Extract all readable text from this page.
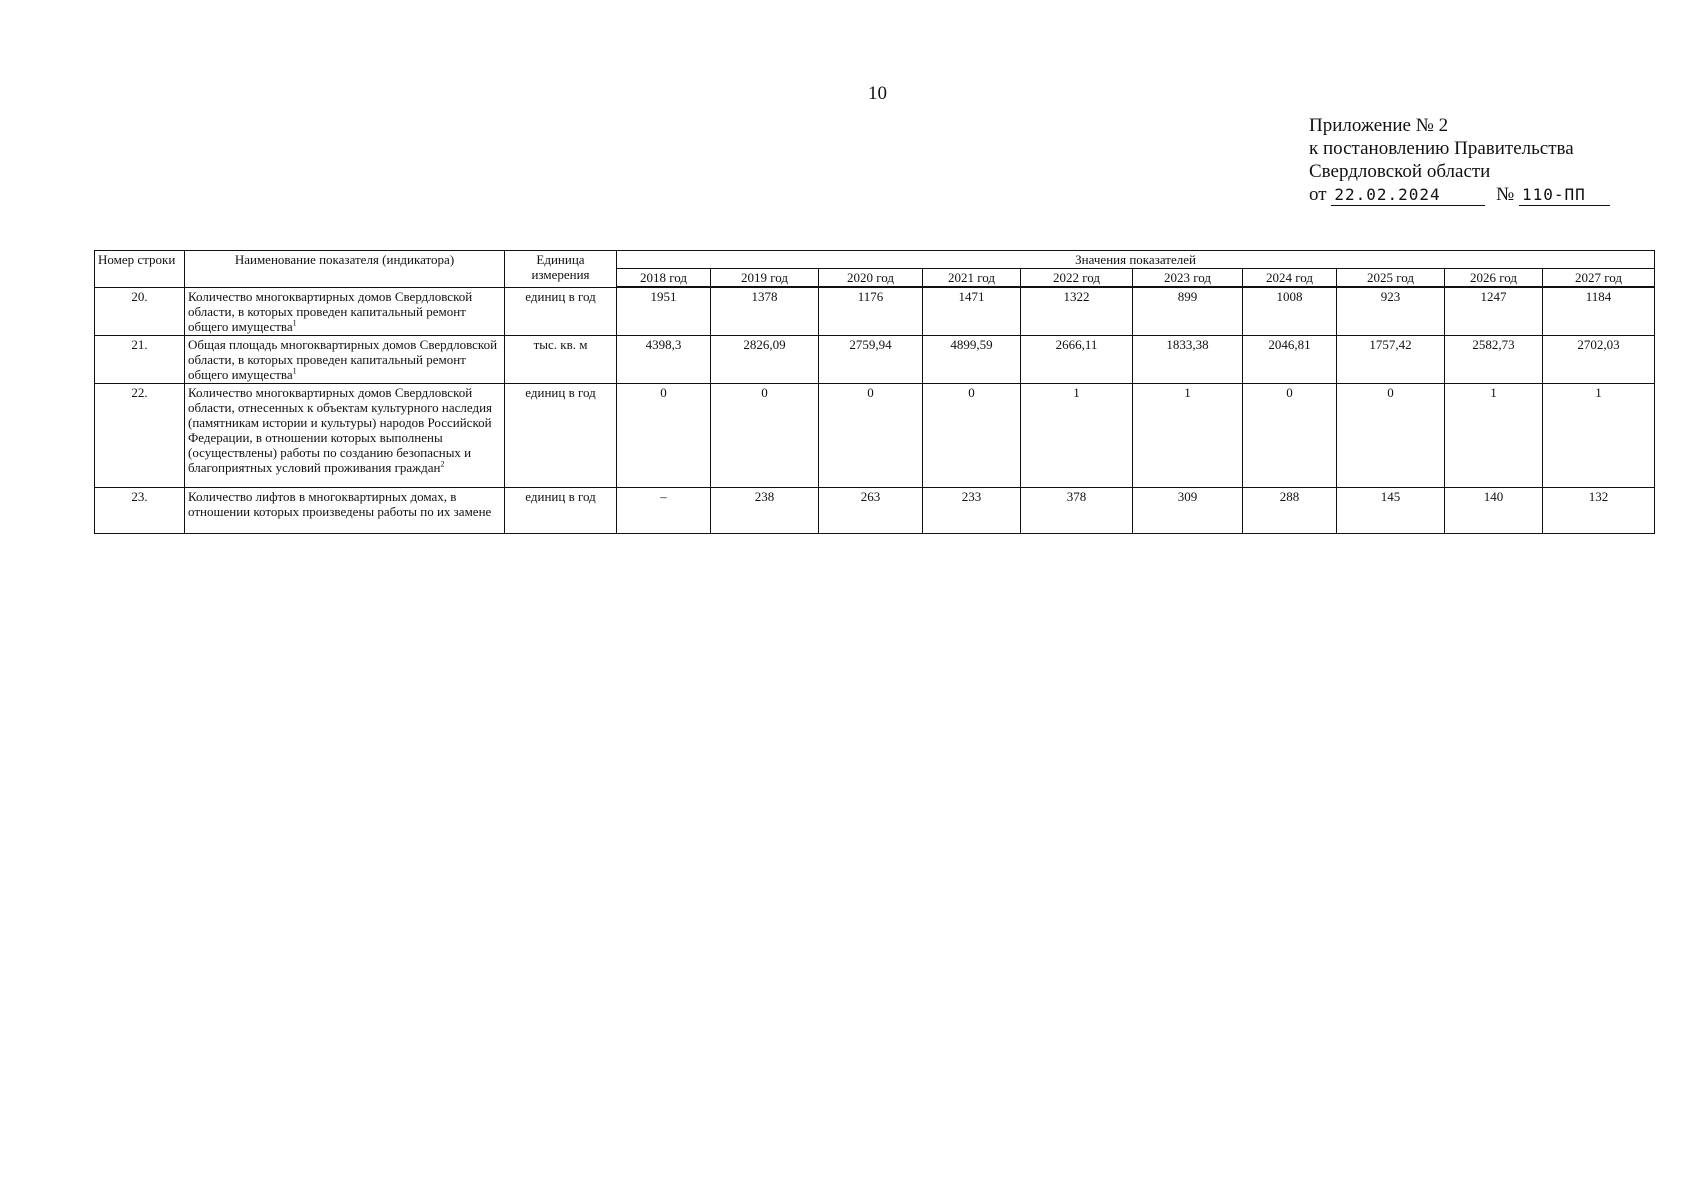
10
Приложение № 2
к постановлению Правительства
Свердловской области
от 22.02.2024	№ 110-ПП
Номер строки	Наименование показателя (индикатора)	Единица измерения	Значения показателей									
			2018 год	2019 год	2020 год	2021 год	2022 год	2023 год	2024 год	2025 год	2026 год	2027 год
20.	Количество многоквартирных домов Свердловской области, в которых проведен капитальный ремонт общего имущества$^1$	единиц в год	1951	1378	1176	1471	1322	899	1008	923	1247	1184
21.	Общая площадь многоквартирных домов Свердловской области, в которых проведен капитальный ремонт общего имущества$^1$	тыс. кв. м	4398,3	2826,09	2759,94	4899,59	2666,11	1833,38	2046,81	1757,42	2582,73	2702,03
22.	Количество многоквартирных домов Свердловской области, отнесенных к объектам культурного наследия (памятникам истории и культуры) народов Российской Федерации, в отношении которых выполнены (осуществлены) работы по созданию безопасных и благоприятных условий проживания граждан$^2$	единиц в год	0	0	0	0	1	1	0	0	1	1
23.	Количество лифтов в многоквартирных домах, в отношении которых произведены работы по их замене	единиц в год	–	238	263	233	378	309	288	145	140	132
